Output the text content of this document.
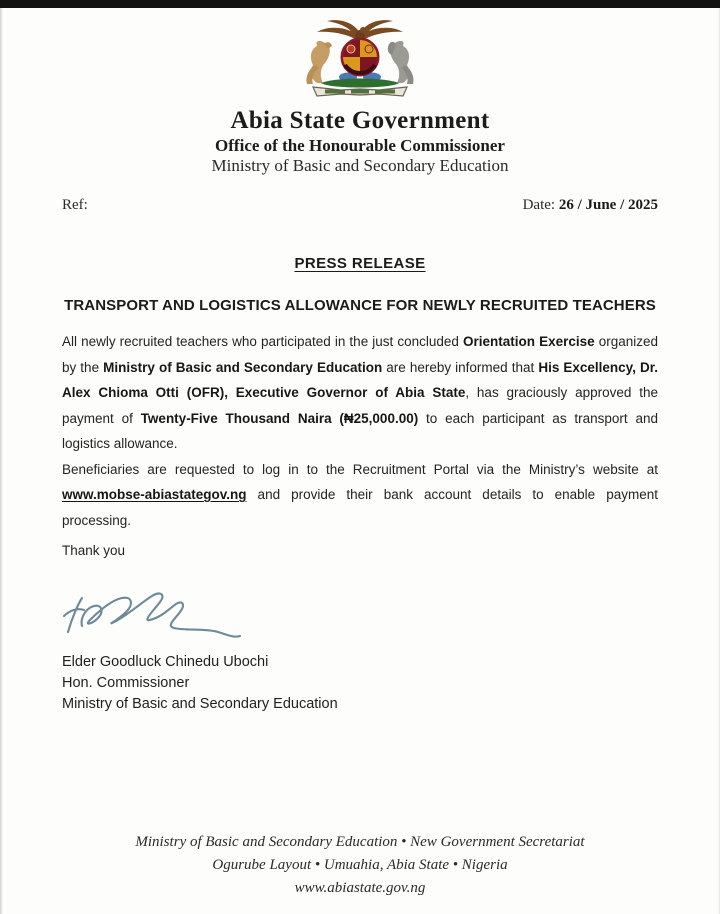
Abia State Government
Office of the Honourable Commissioner
Ministry of Basic and Secondary Education
Ref:	Date: 26 / June / 2025
PRESS RELEASE
TRANSPORT AND LOGISTICS ALLOWANCE FOR NEWLY RECRUITED TEACHERS

All newly recruited teachers who participated in the just concluded Orientation Exercise organized by the Ministry of Basic and Secondary Education are hereby informed that His Excellency, Dr. Alex Chioma Otti (OFR), Executive Governor of Abia State, has graciously approved the payment of Twenty-Five Thousand Naira (₦25,000.00) to each participant as transport and logistics allowance.

Beneficiaries are requested to log in to the Recruitment Portal via the Ministry’s website at www.mobse-abiastategov.ng and provide their bank account details to enable payment processing.

Thank you
Elder Goodluck Chinedu Ubochi
Hon. Commissioner
Ministry of Basic and Secondary Education
Ministry of Basic and Secondary Education • New Government Secretariat
Ogurube Layout • Umuahia, Abia State • Nigeria
www.abiastate.gov.ng
